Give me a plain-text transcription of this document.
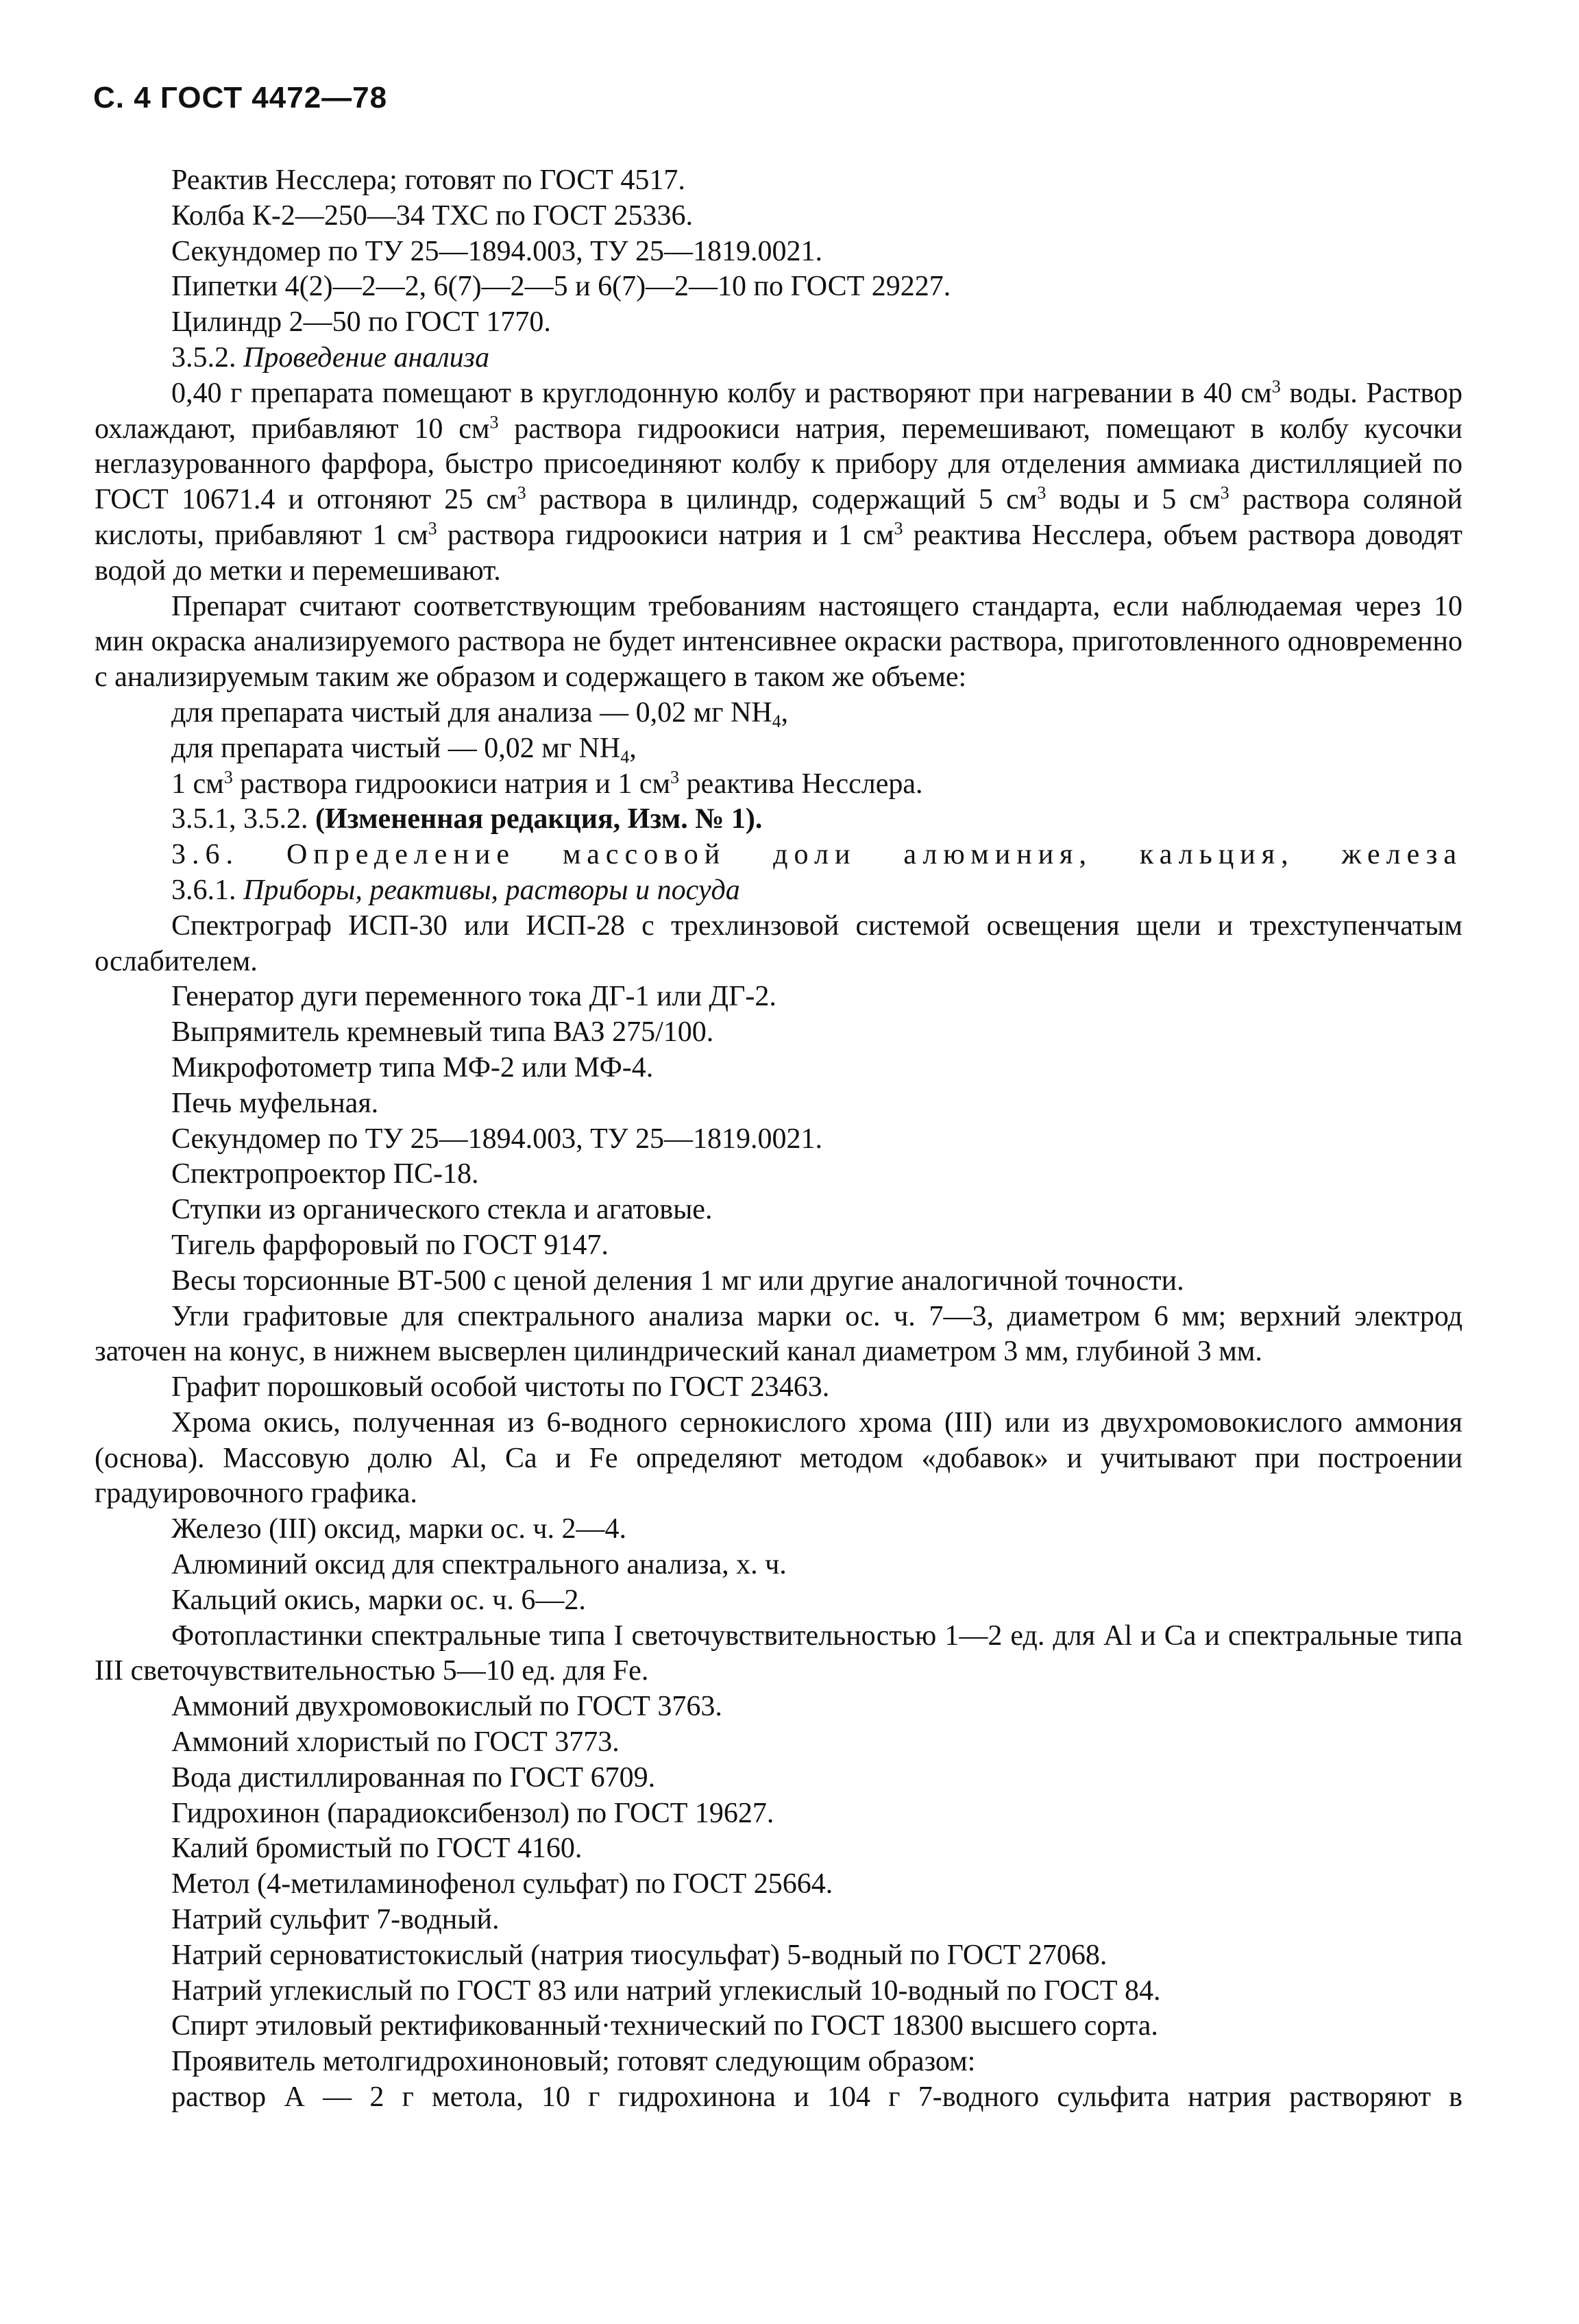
С. 4 ГОСТ 4472—78

Реактив Несслера; готовят по ГОСТ 4517.

Колба К-2—250—34 ТХС по ГОСТ 25336.

Секундомер по ТУ 25—1894.003, ТУ 25—1819.0021.

Пипетки 4(2)—2—2, 6(7)—2—5 и 6(7)—2—10 по ГОСТ 29227.

Цилиндр 2—50 по ГОСТ 1770.

3.5.2. Проведение анализа

0,40 г препарата помещают в круглодонную колбу и растворяют при нагревании в 40 $см^3$ воды. Раствор охлаждают, прибавляют 10 $см^3$ раствора гидроокиси натрия, перемешивают, помещают в колбу кусочки неглазурованного фарфора, быстро присоединяют колбу к прибору для отделения аммиака дистилляцией по ГОСТ 10671.4 и отгоняют 25 $см^3$ раствора в цилиндр, содержащий 5 $см^3$ воды и 5 $см^3$ раствора соляной кислоты, прибавляют 1 $см^3$ раствора гидроокиси натрия и 1 $см^3$ реактива Несслера, объем раствора доводят водой до метки и перемешивают.

Препарат считают соответствующим требованиям настоящего стандарта, если наблюдаемая через 10 мин окраска анализируемого раствора не будет интенсивнее окраски раствора, приготовленного одновременно с анализируемым таким же образом и содержащего в таком же объеме:

для препарата чистый для анализа — 0,02 мг $NH_4$,

для препарата чистый — 0,02 мг $NH_4$,

1 $см^3$ раствора гидроокиси натрия и 1 $см^3$ реактива Несслера.

3.5.1, 3.5.2. (Измененная редакция, Изм. № 1).

3.6. Определение массовой доли алюминия, кальция, железа

3.6.1. Приборы, реактивы, растворы и посуда

Спектрограф ИСП-30 или ИСП-28 с трехлинзовой системой освещения щели и трехступенчатым ослабителем.

Генератор дуги переменного тока ДГ-1 или ДГ-2.

Выпрямитель кремневый типа ВАЗ 275/100.

Микрофотометр типа МФ-2 или МФ-4.

Печь муфельная.

Секундомер по ТУ 25—1894.003, ТУ 25—1819.0021.

Спектропроектор ПС-18.

Ступки из органического стекла и агатовые.

Тигель фарфоровый по ГОСТ 9147.

Весы торсионные ВТ-500 с ценой деления 1 мг или другие аналогичной точности.

Угли графитовые для спектрального анализа марки ос. ч. 7—3, диаметром 6 мм; верхний электрод заточен на конус, в нижнем высверлен цилиндрический канал диаметром 3 мм, глубиной 3 мм.

Графит порошковый особой чистоты по ГОСТ 23463.

Хрома окись, полученная из 6-водного сернокислого хрома (III) или из двухромовокислого аммония (основа). Массовую долю Al, Ca и Fe определяют методом «добавок» и учитывают при построении градуировочного графика.

Железо (III) оксид, марки ос. ч. 2—4.

Алюминий оксид для спектрального анализа, х. ч.

Кальций окись, марки ос. ч. 6—2.

Фотопластинки спектральные типа I светочувствительностью 1—2 ед. для Al и Ca и спектральные типа III светочувствительностью 5—10 ед. для Fe.

Аммоний двухромовокислый по ГОСТ 3763.

Аммоний хлористый по ГОСТ 3773.

Вода дистиллированная по ГОСТ 6709.

Гидрохинон (парадиоксибензол) по ГОСТ 19627.

Калий бромистый по ГОСТ 4160.

Метол (4-метиламинофенол сульфат) по ГОСТ 25664.

Натрий сульфит 7-водный.

Натрий серноватистокислый (натрия тиосульфат) 5-водный по ГОСТ 27068.

Натрий углекислый по ГОСТ 83 или натрий углекислый 10-водный по ГОСТ 84.

Спирт этиловый ректификованный·технический по ГОСТ 18300 высшего сорта.

Проявитель метолгидрохиноновый; готовят следующим образом:

раствор А — 2 г метола, 10 г гидрохинона и 104 г 7-водного сульфита натрия растворяют в
